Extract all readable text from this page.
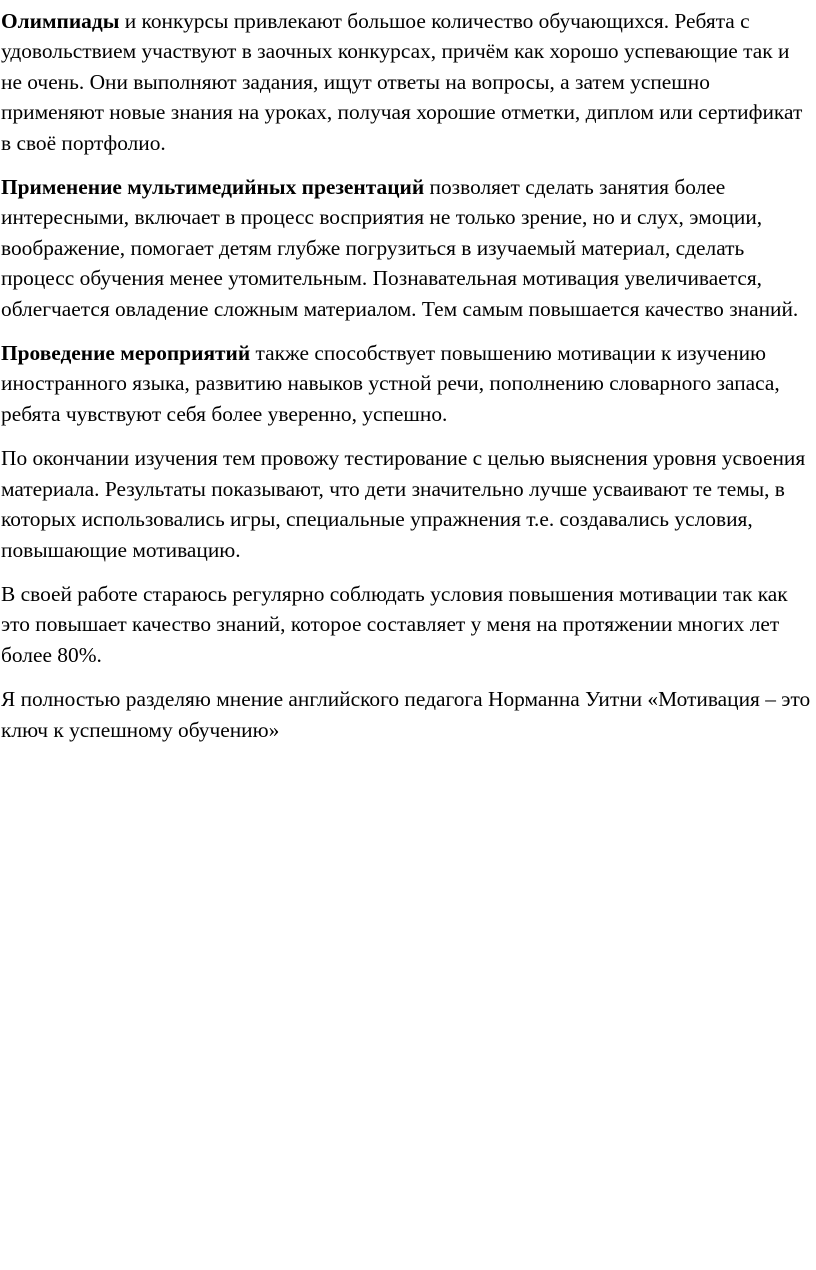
Олимпиады и конкурсы привлекают большое количество обучающихся. Ребята с удовольствием участвуют в заочных конкурсах, причём как хорошо успевающие так и не очень. Они выполняют задания, ищут ответы на вопросы, а затем успешно применяют новые знания на уроках, получая хорошие отметки, диплом или сертификат в своё портфолио.

Применение мультимедийных презентаций позволяет сделать занятия более интересными, включает в процесс восприятия не только зрение, но и слух, эмоции, воображение, помогает детям глубже погрузиться в изучаемый материал, сделать процесс обучения менее утомительным. Познавательная мотивация увеличивается, облегчается овладение сложным материалом. Тем самым повышается качество знаний.

Проведение мероприятий также способствует повышению мотивации к изучению иностранного языка, развитию навыков устной речи, пополнению словарного запаса, ребята чувствуют себя более уверенно, успешно.

По окончании изучения тем провожу тестирование с целью выяснения уровня усвоения материала. Результаты показывают, что дети значительно лучше усваивают те темы, в которых использовались игры, специальные упражнения т.е. создавались условия, повышающие мотивацию.

В своей работе стараюсь регулярно соблюдать условия повышения мотивации так как это повышает качество знаний, которое составляет у меня на протяжении многих лет более 80%.

Я полностью разделяю мнение английского педагога Норманна Уитни «Мотивация – это ключ к успешному обучению»
